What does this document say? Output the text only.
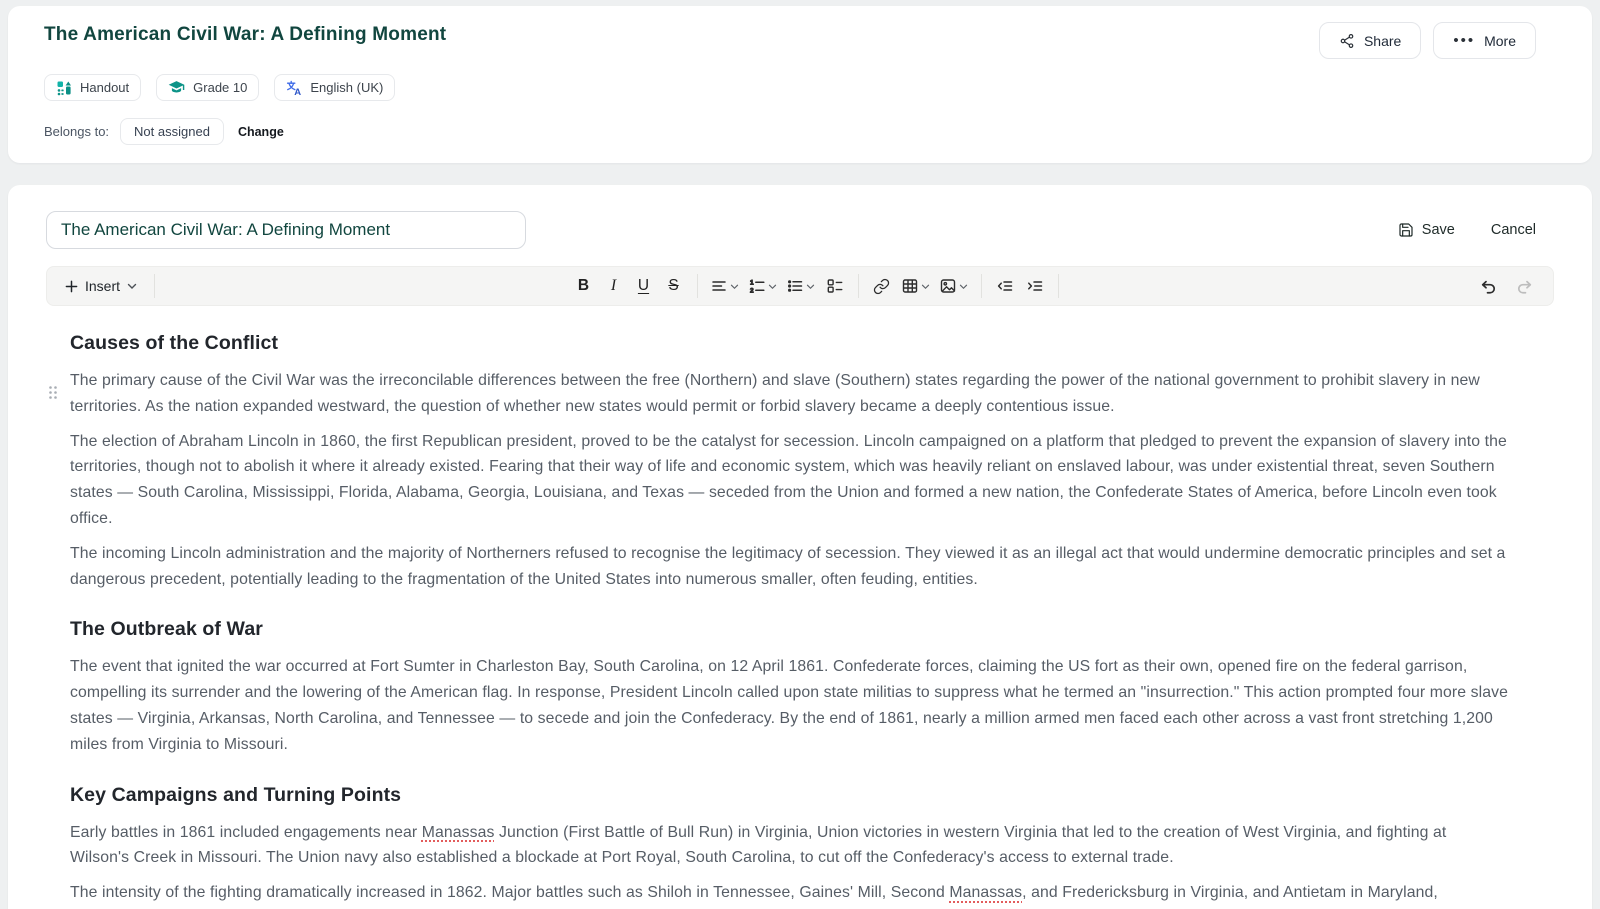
The American Civil War: A Defining Moment	Share	••• More
Handout	Grade 10	A English (UK)
Belongs to:	Not assigned	Change
The American Civil War: A Defining Moment
Save Cancel
Insert	B I U S	1
2
Causes of the Conflict

The primary cause of the Civil War was the irreconcilable differences between the free (Northern) and slave (Southern) states regarding the power of the national government to prohibit slavery in new territories. As the nation expanded westward, the question of whether new states would permit or forbid slavery became a deeply contentious issue.

The election of Abraham Lincoln in 1860, the first Republican president, proved to be the catalyst for secession. Lincoln campaigned on a platform that pledged to prevent the expansion of slavery into the territories, though not to abolish it where it already existed. Fearing that their way of life and economic system, which was heavily reliant on enslaved labour, was under existential threat, seven Southern states — South Carolina, Mississippi, Florida, Alabama, Georgia, Louisiana, and Texas — seceded from the Union and formed a new nation, the Confederate States of America, before Lincoln even took office.

The incoming Lincoln administration and the majority of Northerners refused to recognise the legitimacy of secession. They viewed it as an illegal act that would undermine democratic principles and set a dangerous precedent, potentially leading to the fragmentation of the United States into numerous smaller, often feuding, entities.

The Outbreak of War

The event that ignited the war occurred at Fort Sumter in Charleston Bay, South Carolina, on 12 April 1861. Confederate forces, claiming the US fort as their own, opened fire on the federal garrison, compelling its surrender and the lowering of the American flag. In response, President Lincoln called upon state militias to suppress what he termed an "insurrection." This action prompted four more slave states — Virginia, Arkansas, North Carolina, and Tennessee — to secede and join the Confederacy. By the end of 1861, nearly a million armed men faced each other across a vast front stretching 1,200 miles from Virginia to Missouri.

Key Campaigns and Turning Points

Early battles in 1861 included engagements near Manassas Junction (First Battle of Bull Run) in Virginia, Union victories in western Virginia that led to the creation of West Virginia, and fighting at Wilson's Creek in Missouri. The Union navy also established a blockade at Port Royal, South Carolina, to cut off the Confederacy's access to external trade.

The intensity of the fighting dramatically increased in 1862. Major battles such as Shiloh in Tennessee, Gaines' Mill, Second Manassas, and Fredericksburg in Virginia, and Antietam in Maryland,
